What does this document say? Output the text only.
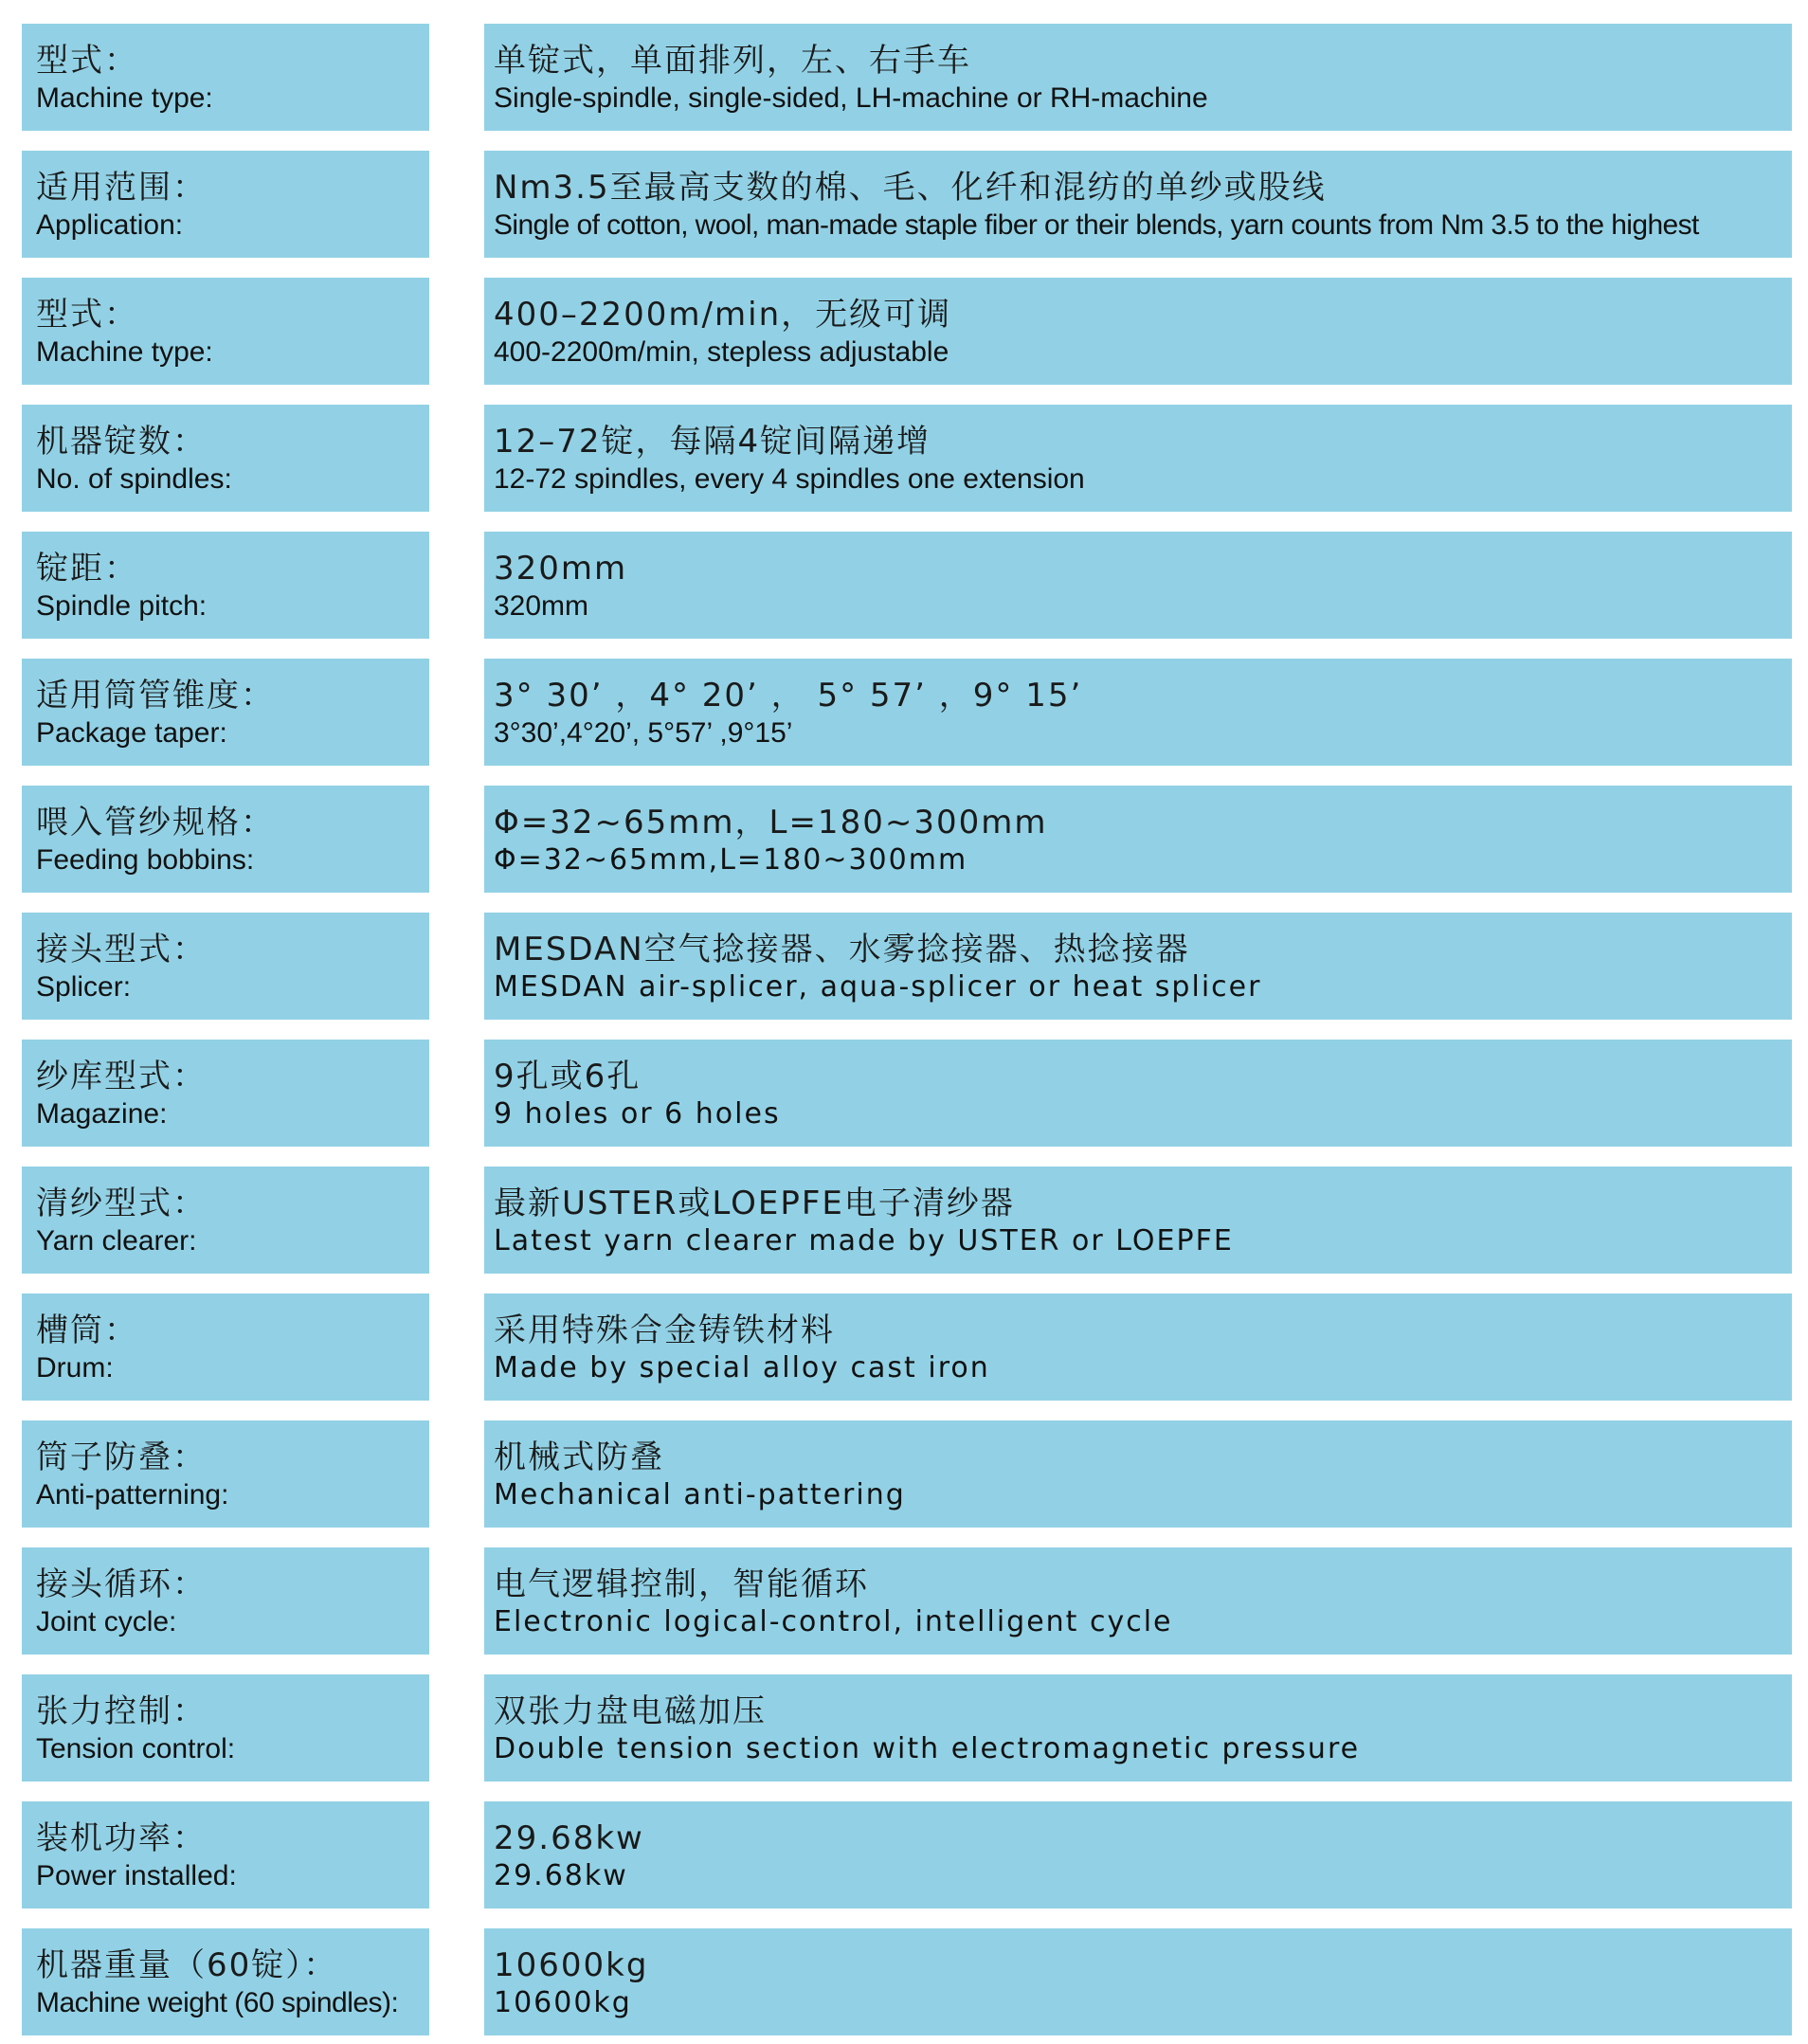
型式：
Machine type:
单锭式，单面排列，左、右手车
Single-spindle, single-sided, LH-machine or RH-machine
适用范围：
Application:
Nm3.5至最高支数的棉、毛、化纤和混纺的单纱或股线
Single of cotton, wool, man-made staple fiber or their blends, yarn counts from Nm 3.5 to the highest
型式：
Machine type:
400–2200m/min，无级可调
400-2200m/min, stepless adjustable
机器锭数：
No. of spindles:
12–72锭，每隔4锭间隔递增
12-72 spindles, every 4 spindles one extension
锭距：
Spindle pitch:
320mm
320mm
适用筒管锥度：
Package taper:
3° 30’ ，4° 20’ ， 5° 57’ ，9° 15’
3°30’,4°20’, 5°57’ ,9°15’
喂入管纱规格：
Feeding bobbins:
Φ=32~65mm，L=180~300mm
Φ=32~65mm,L=180~300mm
接头型式：
Splicer:
MESDAN空气捻接器、水雾捻接器、热捻接器
MESDAN air-splicer, aqua-splicer or heat splicer
纱库型式：
Magazine:
9孔或6孔
9 holes or 6 holes
清纱型式：
Yarn clearer:
最新USTER或LOEPFE电子清纱器
Latest yarn clearer made by USTER or LOEPFE
槽筒：
Drum:
采用特殊合金铸铁材料
Made by special alloy cast iron
筒子防叠：
Anti-patterning:
机械式防叠
Mechanical anti-pattering
接头循环：
Joint cycle:
电气逻辑控制，智能循环
Electronic logical-control, intelligent cycle
张力控制：
Tension control:
双张力盘电磁加压
Double tension section with electromagnetic pressure
装机功率：
Power installed:
29.68kw
29.68kw
机器重量（60锭）：
Machine weight (60 spindles):
10600kg
10600kg
